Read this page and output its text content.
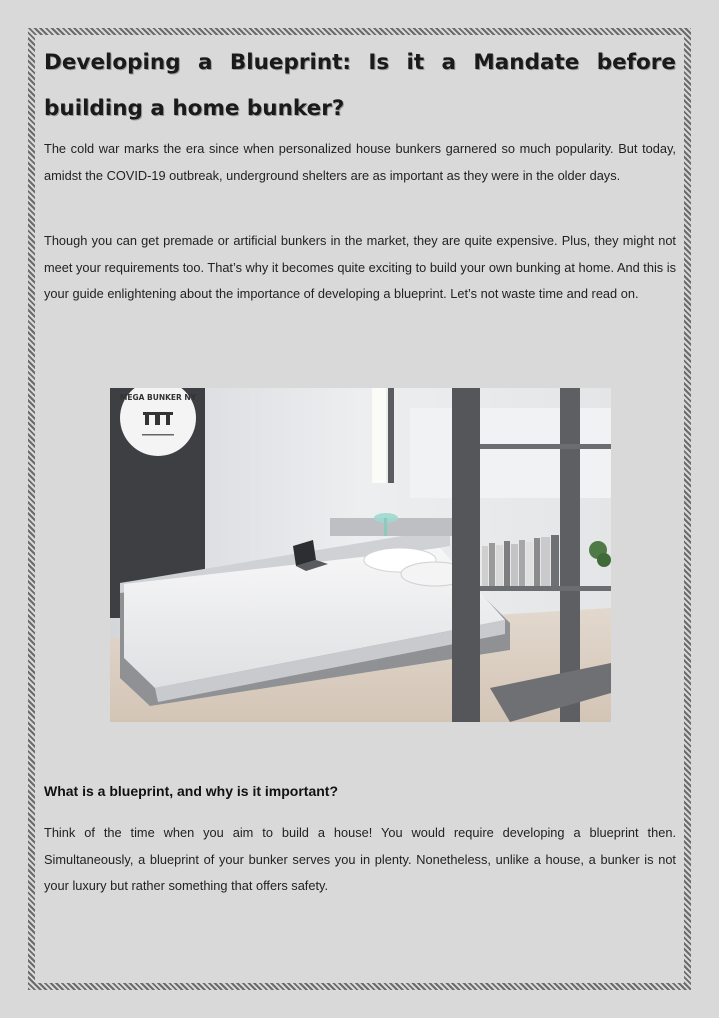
Developing a Blueprint: Is it a Mandate before building a home bunker?

The cold war marks the era since when personalized house bunkers garnered so much popularity. But today, amidst the COVID-19 outbreak, underground shelters are as important as they were in the older days.

Though you can get premade or artificial bunkers in the market, they are quite expensive. Plus, they might not meet your requirements too. That’s why it becomes quite exciting to build your own bunking at home. And this is your guide enlightening about the importance of developing a blueprint. Let’s not waste time and read on.

MEGA BUNKER NY
What is a blueprint, and why is it important?

Think of the time when you aim to build a house! You would require developing a blueprint then. Simultaneously, a blueprint of your bunker serves you in plenty. Nonetheless, unlike a house, a bunker is not your luxury but rather something that offers safety.
